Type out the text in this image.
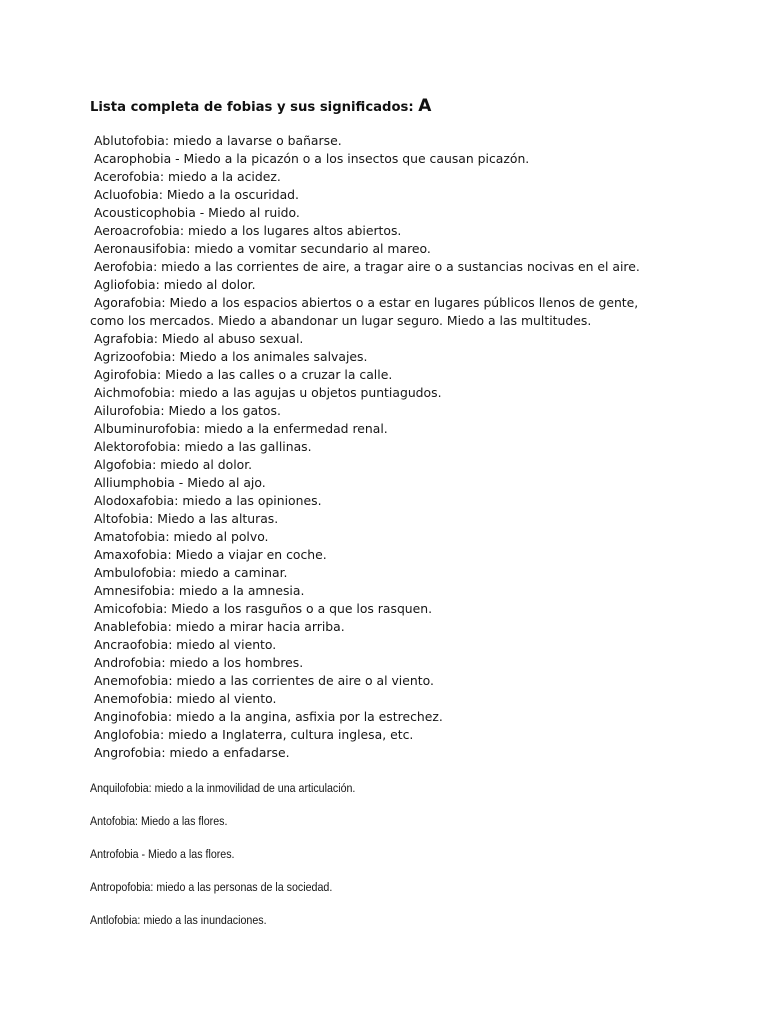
Lista completa de fobias y sus significados: A
Ablutofobia: miedo a lavarse o bañarse.
Acarophobia - Miedo a la picazón o a los insectos que causan picazón.
Acerofobia: miedo a la acidez.
Acluofobia: Miedo a la oscuridad.
Acousticophobia - Miedo al ruido.
Aeroacrofobia: miedo a los lugares altos abiertos.
Aeronausifobia: miedo a vomitar secundario al mareo.
Aerofobia: miedo a las corrientes de aire, a tragar aire o a sustancias nocivas en el aire.
Agliofobia: miedo al dolor.
Agorafobia: Miedo a los espacios abiertos o a estar en lugares públicos llenos de gente, como los mercados. Miedo a abandonar un lugar seguro. Miedo a las multitudes.
Agrafobia: Miedo al abuso sexual.
Agrizoofobia: Miedo a los animales salvajes.
Agirofobia: Miedo a las calles o a cruzar la calle.
Aichmofobia: miedo a las agujas u objetos puntiagudos.
Ailurofobia: Miedo a los gatos.
Albuminurofobia: miedo a la enfermedad renal.
Alektorofobia: miedo a las gallinas.
Algofobia: miedo al dolor.
Alliumphobia - Miedo al ajo.
Alodoxafobia: miedo a las opiniones.
Altofobia: Miedo a las alturas.
Amatofobia: miedo al polvo.
Amaxofobia: Miedo a viajar en coche.
Ambulofobia: miedo a caminar.
Amnesifobia: miedo a la amnesia.
Amicofobia: Miedo a los rasguños o a que los rasquen.
Anablefobia: miedo a mirar hacia arriba.
Ancraofobia: miedo al viento.
Androfobia: miedo a los hombres.
Anemofobia: miedo a las corrientes de aire o al viento.
Anemofobia: miedo al viento.
Anginofobia: miedo a la angina, asfixia por la estrechez.
Anglofobia: miedo a Inglaterra, cultura inglesa, etc.
Angrofobia: miedo a enfadarse.
Anquilofobia: miedo a la inmovilidad de una articulación.
Antofobia: Miedo a las flores.
Antrofobia - Miedo a las flores.
Antropofobia: miedo a las personas de la sociedad.
Antlofobia: miedo a las inundaciones.
